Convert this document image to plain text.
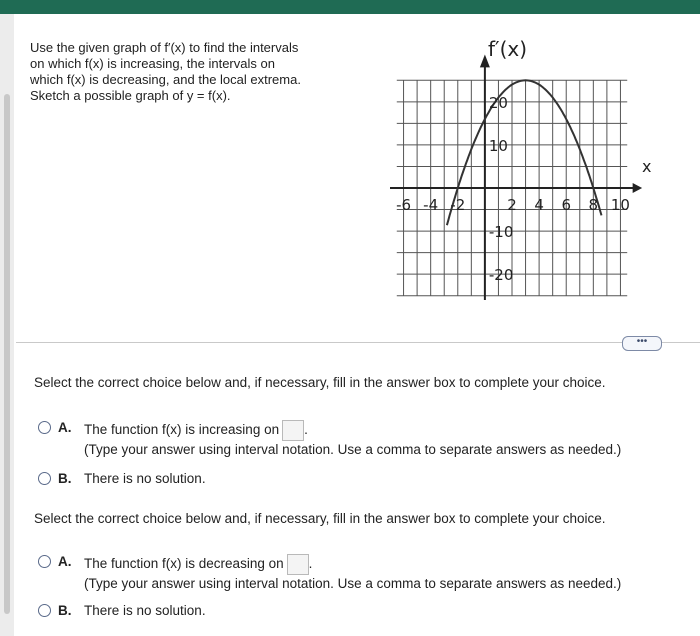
Use the given graph of f′(x) to find the intervals
on which f(x) is increasing, the intervals on
which f(x) is decreasing, and the local extrema.
Sketch a possible graph of y = f(x).
f′(x)
x
-6 -4 -2	2 4 6 8 10
20
10
-10
-20
•••
Select the correct choice below and, if necessary, fill in the answer box to complete your choice.
A. The function f(x) is increasing on .
(Type your answer using interval notation. Use a comma to separate answers as needed.)
B. There is no solution.
Select the correct choice below and, if necessary, fill in the answer box to complete your choice.
A. The function f(x) is decreasing on .
(Type your answer using interval notation. Use a comma to separate answers as needed.)
B. There is no solution.
